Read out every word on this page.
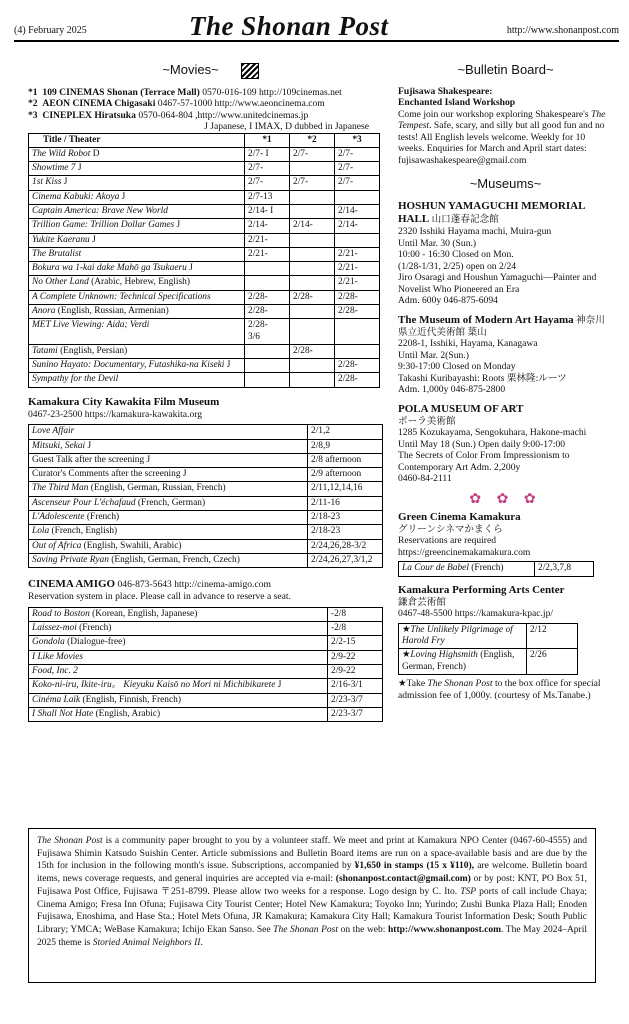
(4) February 2025	The Shonan Post	http://www.shonanpost.com
~Movies~
*1 109 CINEMAS Shonan (Terrace Mall) 0570-016-109 http://109cinemas.net
*2 AEON CINEMA Chigasaki 0467-57-1000 http://www.aeoncinema.com
*3 CINEPLEX Hiratsuka 0570-064-804 ,http://www.unitedcinemas.jp
J Japanese, I IMAX, D dubbed in Japanese
Title / Theater	*1	*2	*3
The Wild Robot D	2/7- I	2/7-	2/7-
Showtime 7 J	2/7-		2/7-
1st Kiss J	2/7-	2/7-	2/7-
Cinema Kabuki: Akoya J	2/7-13		
Captain America: Brave New World	2/14- I		2/14-
Trillion Game: Trillion Dollar Games J	2/14-	2/14-	2/14-
Yukite Kaeranu J	2/21-		
The Brutalist	2/21-		2/21-
Bokura wa 1-kai dake Mahō ga Tsukaeru J			2/21-
No Other Land (Arabic, Hebrew, English)			2/21-
A Complete Unknown: Technical Specifications	2/28-	2/28-	2/28-
Anora (English, Russian, Armenian)	2/28-		2/28-
MET Live Viewing: Aida; Verdi	2/28-
3/6		
Tatami (English, Persian)		2/28-	
Sunino Hayato: Documentary, Futashika-na Kiseki J			2/28-
Sympathy for the Devil			2/28-
Kamakura City Kawakita Film Museum
0467-23-2500 https://kamakura-kawakita.org
Love Affair	2/1,2
Mitsuki, Sekai J	2/8,9
Guest Talk after the screening J	2/8 afternoon
Curator's Comments after the screening J	2/9 afternoon
The Third Man (English, German, Russian, French)	2/11,12,14,16
Ascenseur Pour L'échafaud (French, German)	2/11-16
L'Adolescente (French)	2/18-23
Lola (French, English)	2/18-23
Out of Africa (English, Swahili, Arabic)	2/24,26,28-3/2
Saving Private Ryan (English, German, French, Czech)	2/24,26,27,3/1,2
CINEMA AMIGO 046-873-5643 http://cinema-amigo.com
Reservation system in place. Please call in advance to reserve a seat.
Road to Boston (Korean, English, Japanese)	-2/8
Laissez-moi (French)	-2/8
Gondola (Dialogue-free)	2/2-15
I Like Movies	2/9-22
Food, Inc. 2	2/9-22
Koko-ni-iru, Ikite-iru。 Kieyuku Kaisō no Mori ni Michibikarete J	2/16-3/1
Cinéma Laïk (English, Finnish, French)	2/23-3/7
I Shall Not Hate (English, Arabic)	2/23-3/7
~Bulletin Board~
Fujisawa Shakespeare:
Enchanted Island Workshop
Come join our workshop exploring Shakespeare's The Tempest. Safe, scary, and silly but all good fun and no tests! All English levels welcome. Weekly for 10 weeks. Enquiries for March and April start dates: fujisawashakespeare@gmail.com
~Museums~
HOSHUN YAMAGUCHI MEMORIAL HALL 山口蓬春記念館
2320 Isshiki Hayama machi, Muira-gun
Until Mar. 30 (Sun.)
10:00 - 16:30 Closed on Mon.
(1/28-1/31, 2/25) open on 2/24
Jiro Osaragi and Houshun Yamaguchi—Painter and Novelist Who Pioneered an Era
Adm. 600y 046-875-6094
The Museum of Modern Art Hayama 神奈川県立近代美術館 葉山
2208-1, Isshiki, Hayama, Kanagawa
Until Mar. 2(Sun.)
9:30-17:00 Closed on Monday
Takashi Kuribayashi: Roots 栗林隆:ルーツ
Adm. 1,000y 046-875-2800
POLA MUSEUM OF ART
ポーラ美術館
1285 Kozukayama, Sengokuhara, Hakone-machi
Until May 18 (Sun.) Open daily 9:00-17:00
The Secrets of Color From Impressionism to Contemporary Art Adm. 2,200y
0460-84-2111
✿ ✿ ✿
Green Cinema Kamakura
グリーンシネマかまくら
Reservations are required
https://greencinemakamakura.com
La Cour de Babel (French)	2/2,3,7,8
Kamakura Performing Arts Center
鎌倉芸術館
0467-48-5500 https://kamakura-kpac.jp/
★The Unlikely Pilgrimage of Harold Fry	2/12
★Loving Highsmith (English, German, French)	2/26
★Take The Shonan Post to the box office for special admission fee of 1,000y. (courtesy of Ms.Tanabe.)
The Shonan Post is a community paper brought to you by a volunteer staff. We meet and print at Kamakura NPO Center (0467-60-4555) and Fujisawa Shimin Katsudo Suishin Center. Article submissions and Bulletin Board items are run on a space-available basis and are due by the 15th for inclusion in the following month's issue. Subscriptions, accompanied by ¥1,650 in stamps (15 x ¥110), are welcome. Bulletin board items, news coverage requests, and general inquiries are accepted via e-mail: (shonanpost.contact@gmail.com) or by post: KNT, PO Box 51, Fujisawa Post Office, Fujisawa 〒251-8799. Please allow two weeks for a response. Logo design by C. Ito. TSP ports of call include Chaya; Cinema Amigo; Fresa Inn Ofuna; Fujisawa City Tourist Center; Hotel New Kamakura; Toyoko Inn; Yurindo; Zushi Bunka Plaza Hall; Enoden Fujisawa, Enoshima, and Hase Sta.; Hotel Mets Ofuna, JR Kamakura; Kamakura City Hall; Kamakura Tourist Information Desk; South Public Library; YMCA; WeBase Kamakura; Ichijo Ekan Sanso. See The Shonan Post on the web: http://www.shonanpost.com. The May 2024–April 2025 theme is Storied Animal Neighbors II.
